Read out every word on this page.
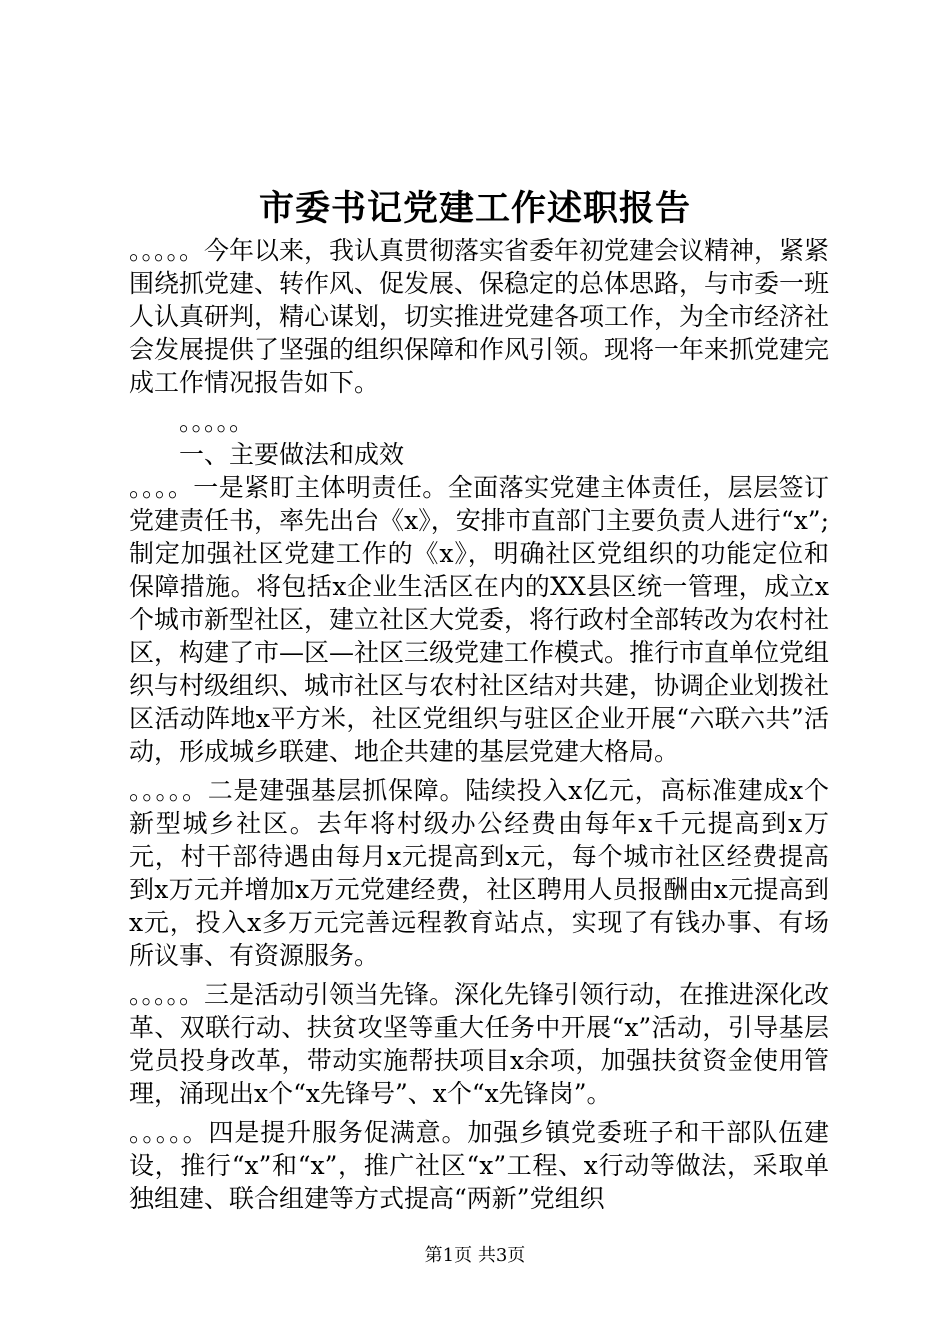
市委书记党建工作述职报告

。。。。。今年以来，我认真贯彻落实省委年初党建会议精神，紧紧围绕抓党建、转作风、促发展、保稳定的总体思路，与市委一班人认真研判，精心谋划，切实推进党建各项工作，为全市经济社会发展提供了坚强的组织保障和作风引领。现将一年来抓党建完成工作情况报告如下。

。。。。。

一、主要做法和成效

。。。。一是紧盯主体明责任。全面落实党建主体责任，层层签订党建责任书，率先出台《x》，安排市直部门主要负责人进行“x”;制定加强社区党建工作的《x》，明确社区党组织的功能定位和保障措施。将包括x企业生活区在内的XX县区统一管理，成立x个城市新型社区，建立社区大党委，将行政村全部转改为农村社区，构建了市—区—社区三级党建工作模式。推行市直单位党组织与村级组织、城市社区与农村社区结对共建，协调企业划拨社区活动阵地x平方米，社区党组织与驻区企业开展“六联六共”活动，形成城乡联建、地企共建的基层党建大格局。

。。。。。二是建强基层抓保障。陆续投入x亿元，高标准建成x个新型城乡社区。去年将村级办公经费由每年x千元提高到x万元，村干部待遇由每月x元提高到x元，每个城市社区经费提高到x万元并增加x万元党建经费，社区聘用人员报酬由x元提高到x元，投入x多万元完善远程教育站点，实现了有钱办事、有场所议事、有资源服务。

。。。。。三是活动引领当先锋。深化先锋引领行动，在推进深化改革、双联行动、扶贫攻坚等重大任务中开展“x”活动，引导基层党员投身改革，带动实施帮扶项目x余项，加强扶贫资金使用管理，涌现出x个“x先锋号”、x个“x先锋岗”。

。。。。。四是提升服务促满意。加强乡镇党委班子和干部队伍建设，推行“x”和“x”，推广社区“x”工程、x行动等做法，采取单独组建、联合组建等方式提高“两新”党组织

第1页 共3页
